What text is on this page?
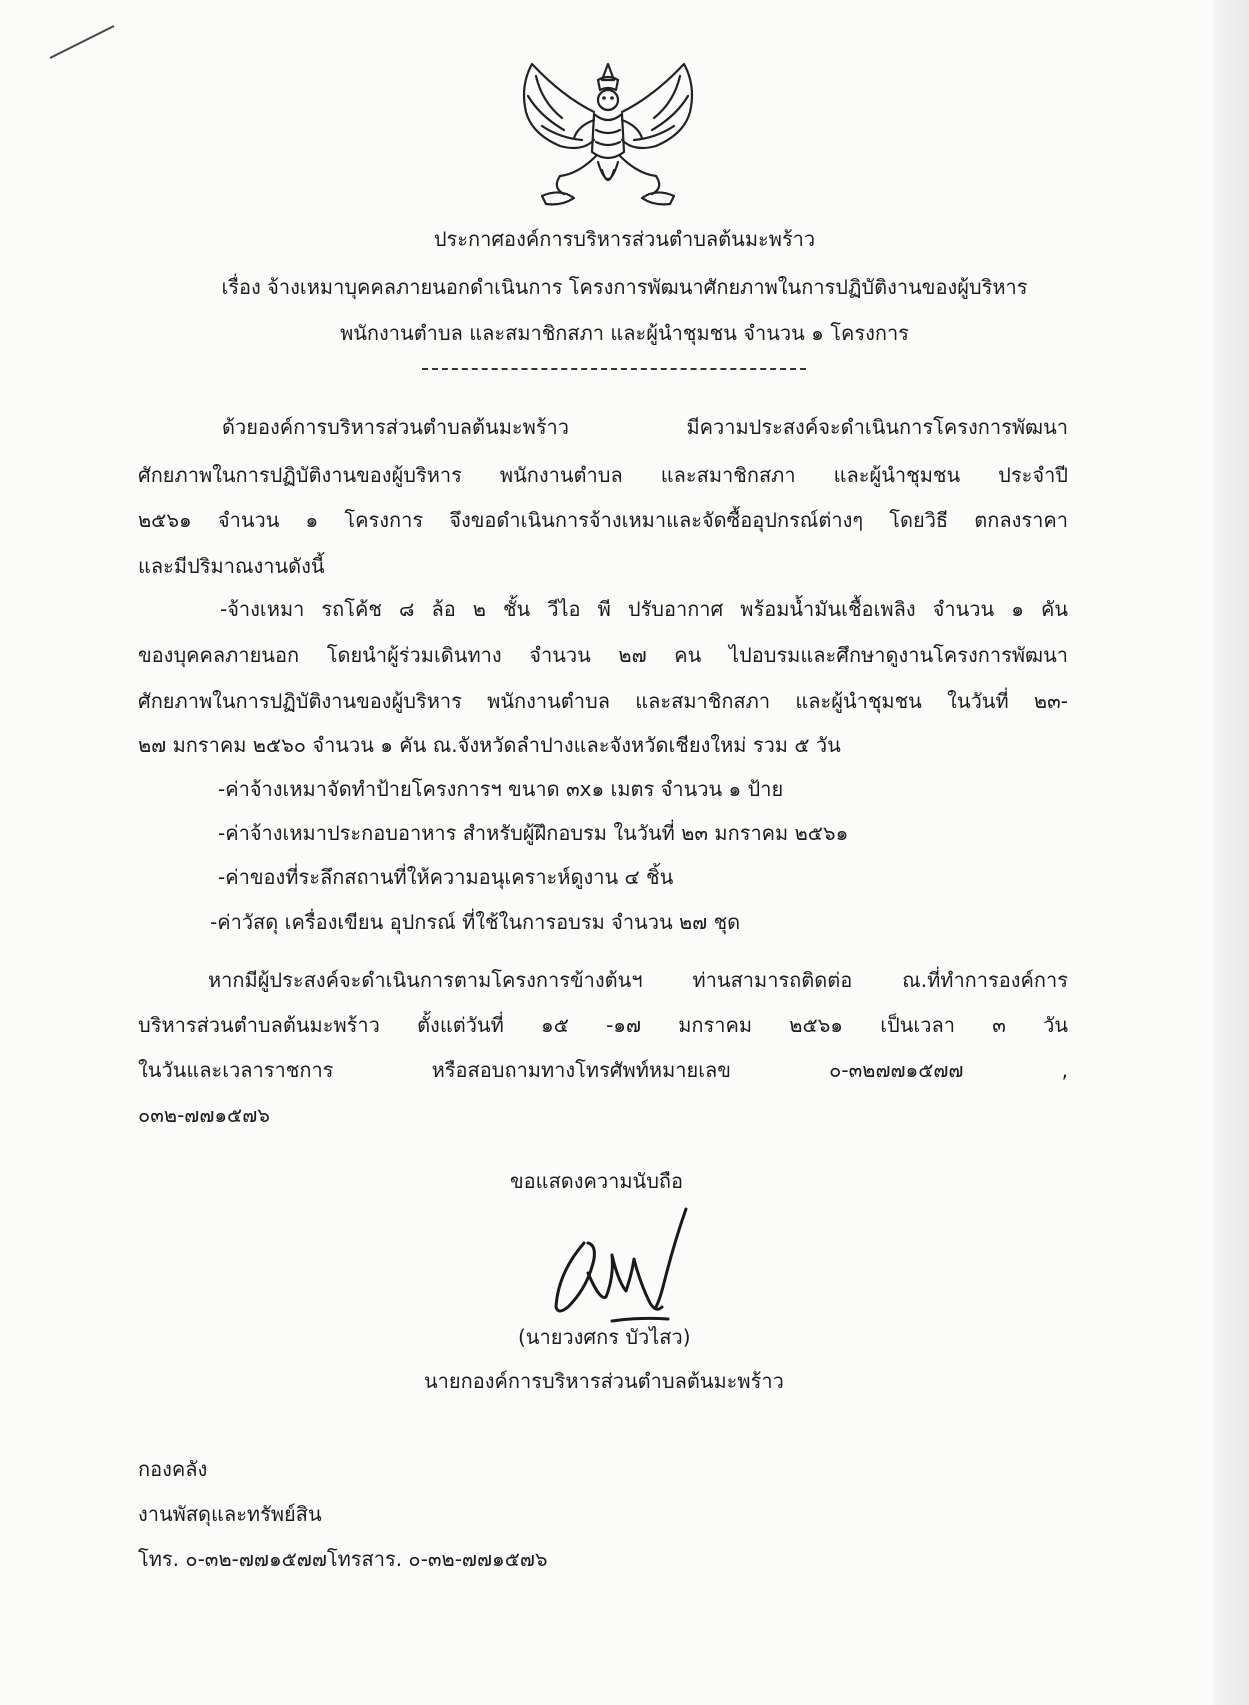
ประกาศองค์การบริหารส่วนตำบลต้นมะพร้าว
เรื่อง จ้างเหมาบุคคลภายนอกดำเนินการ โครงการพัฒนาศักยภาพในการปฏิบัติงานของผู้บริหาร
พนักงานตำบล และสมาชิกสภา และผู้นำชุมชน จำนวน ๑ โครงการ
ด้วยองค์การบริหารส่วนตำบลต้นมะพร้าว มีความประสงค์จะดำเนินการโครงการพัฒนา
ศักยภาพในการปฏิบัติงานของผู้บริหาร พนักงานตำบล และสมาชิกสภา และผู้นำชุมชน ประจำปี
๒๕๖๑ จำนวน ๑ โครงการ จึงขอดำเนินการจ้างเหมาและจัดซื้ออุปกรณ์ต่างๆ โดยวิธี ตกลงราคา
และมีปริมาณงานดังนี้
-จ้างเหมา รถโค้ช ๘ ล้อ ๒ ชั้น วีไอ พี ปรับอากาศ พร้อมน้ำมันเชื้อเพลิง จำนวน ๑ คัน
ของบุคคลภายนอก โดยนำผู้ร่วมเดินทาง จำนวน ๒๗ คน ไปอบรมและศึกษาดูงานโครงการพัฒนา
ศักยภาพในการปฏิบัติงานของผู้บริหาร พนักงานตำบล และสมาชิกสภา และผู้นำชุมชน ในวันที่ ๒๓-
๒๗ มกราคม ๒๕๖๐ จำนวน ๑ คัน ณ.จังหวัดลำปางและจังหวัดเชียงใหม่ รวม ๕ วัน
-ค่าจ้างเหมาจัดทำป้ายโครงการฯ ขนาด ๓x๑ เมตร จำนวน ๑ ป้าย
-ค่าจ้างเหมาประกอบอาหาร สำหรับผู้ฝึกอบรม ในวันที่ ๒๓ มกราคม ๒๕๖๑
-ค่าของที่ระลึกสถานที่ให้ความอนุเคราะห์ดูงาน ๔ ชิ้น
-ค่าวัสดุ เครื่องเขียน อุปกรณ์ ที่ใช้ในการอบรม จำนวน ๒๗ ชุด
หากมีผู้ประสงค์จะดำเนินการตามโครงการข้างต้นฯ ท่านสามารถติดต่อ ณ.ที่ทำการองค์การ
บริหารส่วนตำบลต้นมะพร้าว ตั้งแต่วันที่ ๑๕ -๑๗ มกราคม ๒๕๖๑ เป็นเวลา ๓ วัน
ในวันและเวลาราชการ หรือสอบถามทางโทรศัพท์หมายเลข ๐-๓๒๗๗๑๕๗๗ ,
๐๓๒-๗๗๑๕๗๖
ขอแสดงความนับถือ
(นายวงศกร บัวไสว)
นายกองค์การบริหารส่วนตำบลต้นมะพร้าว
กองคลัง
งานพัสดุและทรัพย์สิน
โทร. ๐-๓๒-๗๗๑๕๗๗โทรสาร. ๐-๓๒-๗๗๑๕๗๖
